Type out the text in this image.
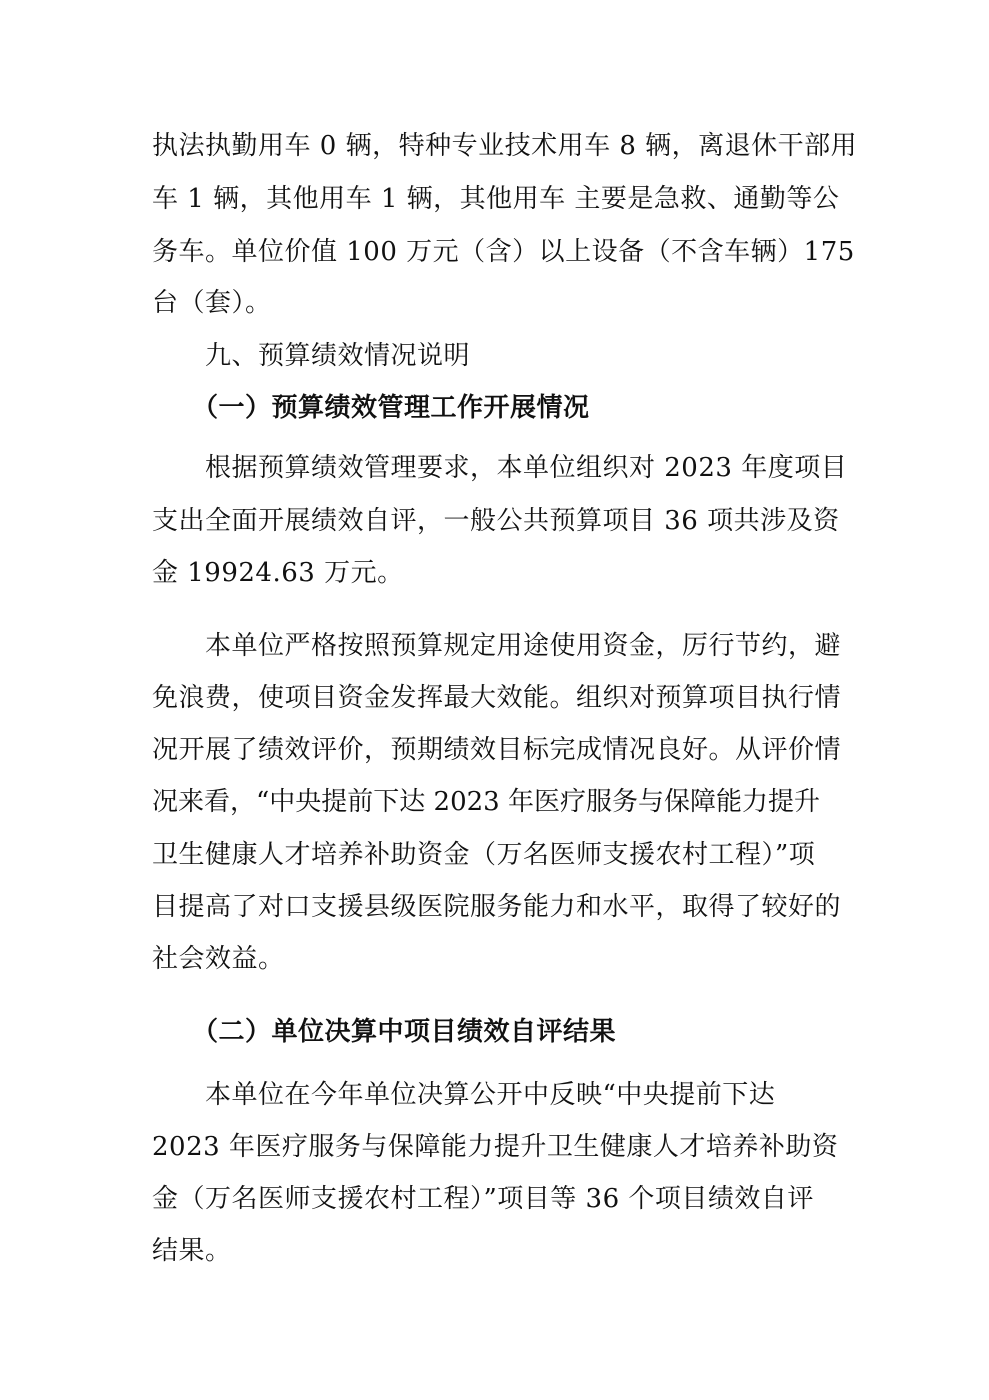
执法执勤用车 0 辆，特种专业技术用车 8 辆，离退休干部用
车 1 辆，其他用车 1 辆，其他用车 主要是急救、通勤等公
务车。单位价值 100 万元（含）以上设备（不含车辆）175
台（套）。
九、预算绩效情况说明
（一）预算绩效管理工作开展情况
根据预算绩效管理要求，本单位组织对 2023 年度项目
支出全面开展绩效自评，一般公共预算项目 36 项共涉及资
金 19924.63 万元。
本单位严格按照预算规定用途使用资金，厉行节约，避
免浪费，使项目资金发挥最大效能。组织对预算项目执行情
况开展了绩效评价，预期绩效目标完成情况良好。从评价情
况来看，“中央提前下达 2023 年医疗服务与保障能力提升
卫生健康人才培养补助资金（万名医师支援农村工程）”项
目提高了对口支援县级医院服务能力和水平，取得了较好的
社会效益。
（二）单位决算中项目绩效自评结果
本单位在今年单位决算公开中反映“中央提前下达
2023 年医疗服务与保障能力提升卫生健康人才培养补助资
金（万名医师支援农村工程）”项目等 36 个项目绩效自评
结果。
